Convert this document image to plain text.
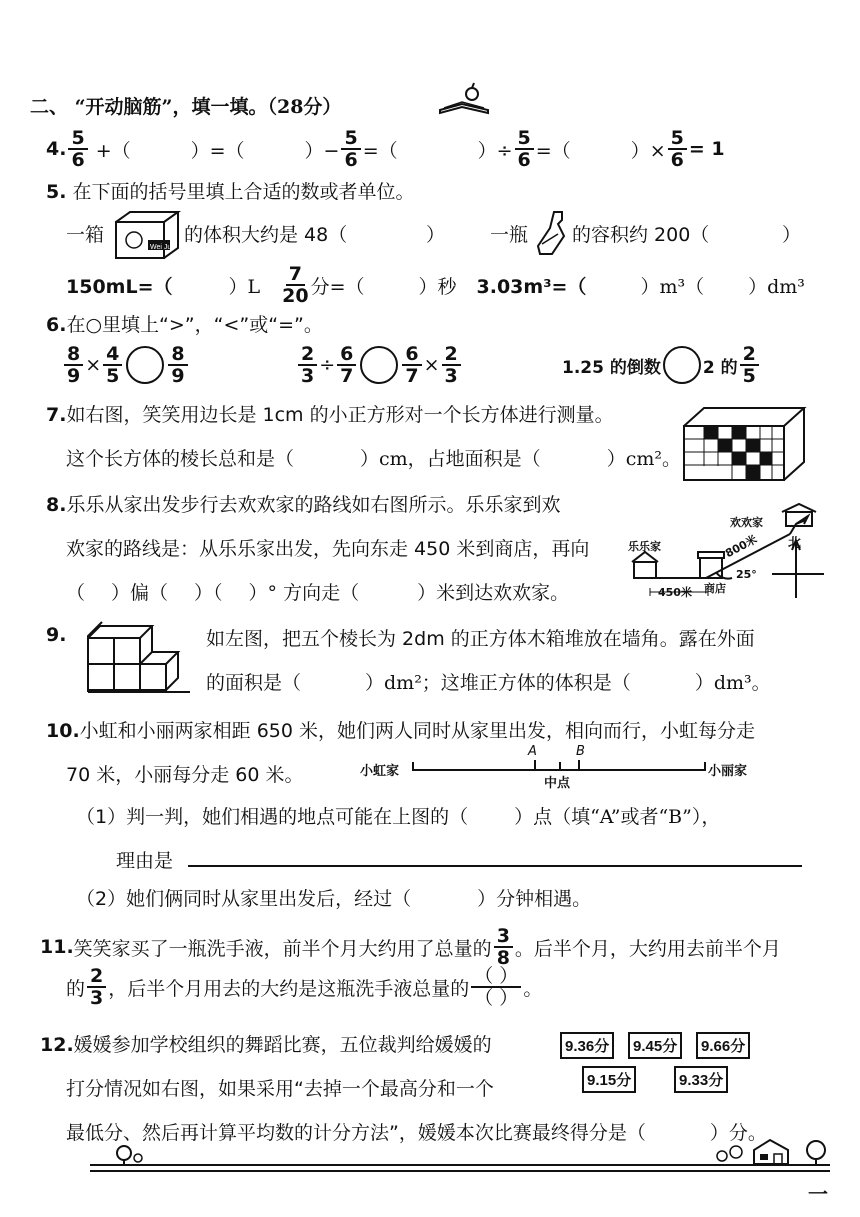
二、 “开动脑筋”，填一填。（28分）
4. $\frac{5}{6}$ +（	）=（	）− $\frac{5}{6}$ =（	）÷ $\frac{5}{6}$ =（	）× $\frac{5}{6} = 1$
5. 在下面的括号里填上合适的数或者单位。
一箱
Wei Ju
的体积大约是 48（	） 一瓶 的容积约 200（	）
150mL=（	）$L \frac{7}{20}$ 分=（	）秒 3.03m³=（	）m³（ ）dm³
6.在○里填上“>”，“<”或“=”。
$\frac{8}{9} \times \frac{4}{5} \frac{8}{9}$	$\frac{2}{3} \div \frac{6}{7} \frac{6}{7} \times \frac{2}{3}$	1.25 的倒数 2 的 $\frac{2}{5}$
7.如右图，笑笑用边长是 1cm 的小正方形对一个长方体进行测量。
这个长方体的棱长总和是（	）cm，占地面积是（	）cm²。
8.乐乐从家出发步行去欢欢家的路线如右图所示。乐乐家到欢
欢家的路线是：从乐乐家出发，先向东走 450 米到商店，再向
（ ）偏（ ）（ ）° 方向走（	）米到达欢欢家。
欢欢家
乐乐家
商店
北
800米
25°
450米
9.	如左图，把五个棱长为 2dm 的正方体木箱堆放在墙角。露在外面
的面积是（	）dm²；这堆正方体的体积是（	）dm³。
10.小虹和小丽两家相距 650 米，她们两人同时从家里出发，相向而行，小虹每分走
70 米，小丽每分走 60 米。	小虹家
A	B
中点
小丽家
（1）判一判，她们相遇的地点可能在上图的（ ）点（填“A”或者“B”），
理由是
（2）她们俩同时从家里出发后，经过（	）分钟相遇。
11. 笑笑家买了一瓶洗手液，前半个月大约用了总量的 $\frac{3}{8}$ 。后半个月，大约用去前半个月
的 $\frac{2}{3}$ ，后半个月用去的大约是这瓶洗手液总量的 $\frac{( )}{( )}$ 。
12.媛媛参加学校组织的舞蹈比赛，五位裁判给媛媛的
打分情况如右图，如果采用“去掉一个最高分和一个
最低分、然后再计算平均数的计分方法”，媛媛本次比赛最终得分是（	）分。
9.36分	9.45分	9.66分
9.15分	9.33分
一
